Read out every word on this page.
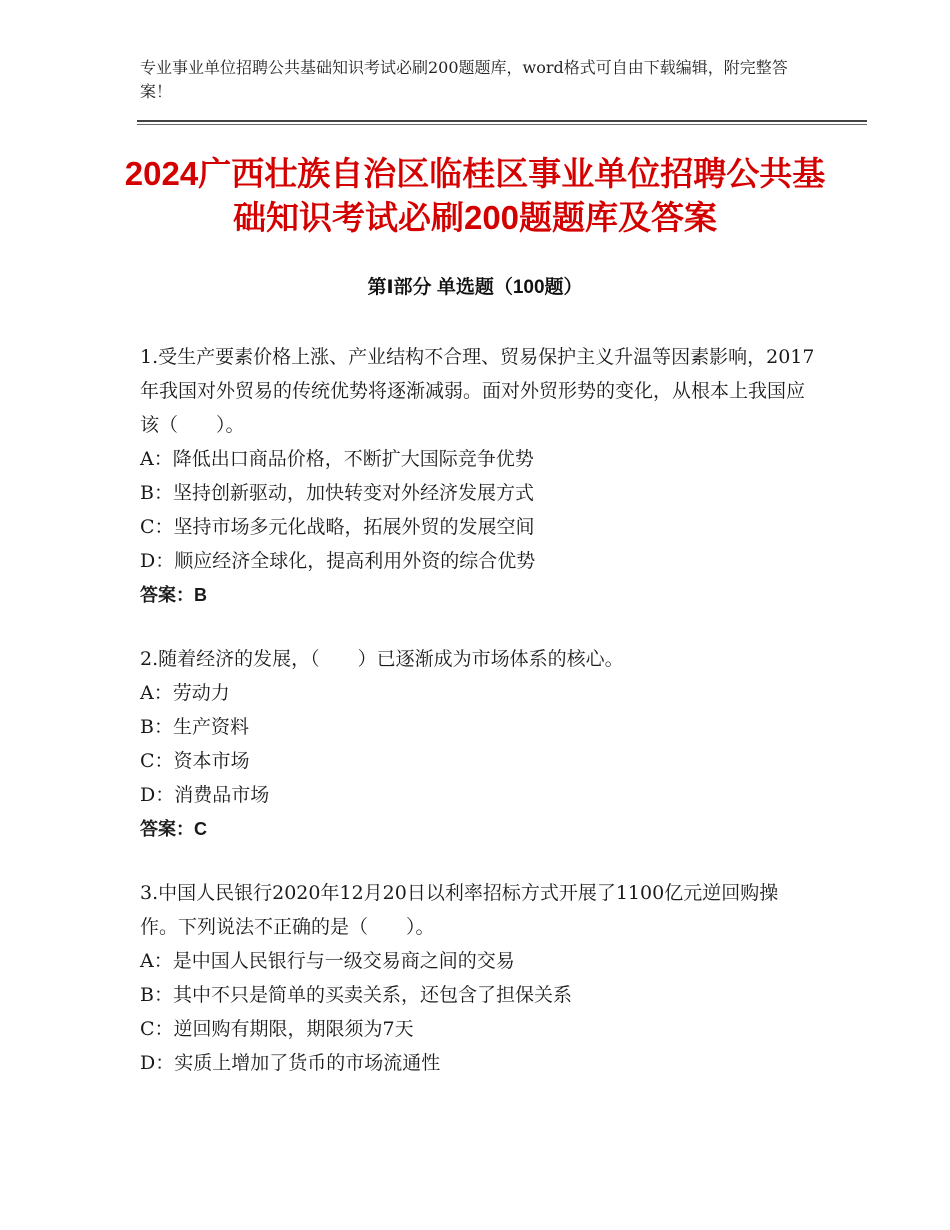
专业事业单位招聘公共基础知识考试必刷200题题库，word格式可自由下载编辑，附完整答案！
2024广西壮族自治区临桂区事业单位招聘公共基础知识考试必刷200题题库及答案
第Ⅰ部分 单选题（100题）

1.受生产要素价格上涨、产业结构不合理、贸易保护主义升温等因素影响，2017年我国对外贸易的传统优势将逐渐减弱。面对外贸形势的变化，从根本上我国应该（　　）。

A：降低出口商品价格，不断扩大国际竞争优势

B：坚持创新驱动，加快转变对外经济发展方式

C：坚持市场多元化战略，拓展外贸的发展空间

D：顺应经济全球化，提高利用外资的综合优势

答案：B

2.随着经济的发展，（　　）已逐渐成为市场体系的核心。

A：劳动力

B：生产资料

C：资本市场

D：消费品市场

答案：C

3.中国人民银行2020年12月20日以利率招标方式开展了1100亿元逆回购操作。下列说法不正确的是（　　）。

A：是中国人民银行与一级交易商之间的交易

B：其中不只是简单的买卖关系，还包含了担保关系

C：逆回购有期限，期限须为7天

D：实质上增加了货币的市场流通性
